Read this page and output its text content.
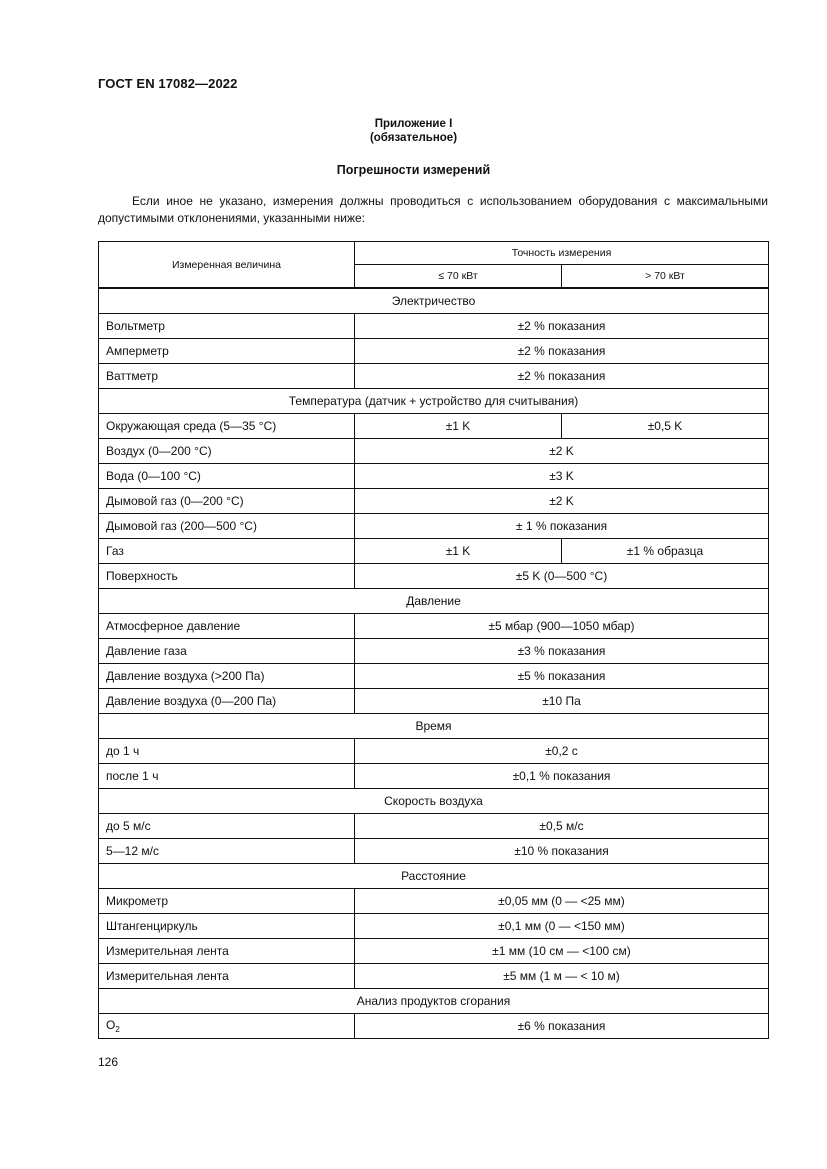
ГОСТ EN 17082—2022
Приложение I
(обязательное)
Погрешности измерений

Если иное не указано, измерения должны проводиться с использованием оборудования с максимальными допустимыми отклонениями, указанными ниже:

Измеренная величина	Точность измерения	
	≤ 70 кВт	> 70 кВт

Электричество		
Вольтметр	±2 % показания	
Амперметр	±2 % показания	
Ваттметр	±2 % показания	
Температура (датчик + устройство для считывания)		
Окружающая среда (5—35 °C)	±1 K	±0,5 K
Воздух (0—200 °C)	±2 K	
Вода (0—100 °C)	±3 K	
Дымовой газ (0—200 °C)	±2 K	
Дымовой газ (200—500 °C)	± 1 % показания	
Газ	±1 K	±1 % образца
Поверхность	±5 K (0—500 °C)	
Давление		
Атмосферное давление	±5 мбар (900—1050 мбар)	
Давление газа	±3 % показания	
Давление воздуха (>200 Па)	±5 % показания	
Давление воздуха (0—200 Па)	±10 Па	
Время		
до 1 ч	±0,2 с	
после 1 ч	±0,1 % показания	
Скорость воздуха		
до 5 м/с	±0,5 м/с	
5—12 м/с	±10 % показания	
Расстояние		
Микрометр	±0,05 мм (0 — <25 мм)	
Штангенциркуль	±0,1 мм (0 — <150 мм)	
Измерительная лента	±1 мм (10 см — <100 см)	
Измерительная лента	±5 мм (1 м — < 10 м)	
Анализ продуктов сгорания		
$O_2$	±6 % показания	
126
